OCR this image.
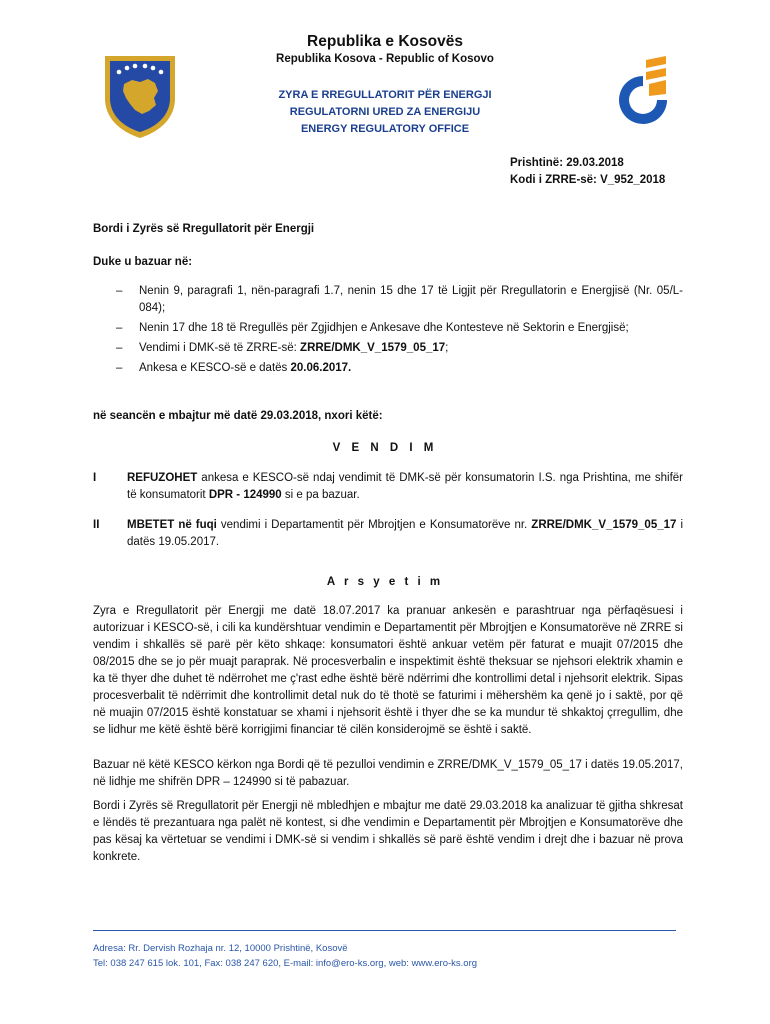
Republika e Kosovës
Republika Kosova - Republic of Kosovo
ZYRA E RREGULLATORIT PËR ENERGJI
REGULATORNI URED ZA ENERGIJU
ENERGY REGULATORY OFFICE
Prishtinë: 29.03.2018
Kodi i ZRRE-së: V_952_2018
Bordi i Zyrës së Rregullatorit për Energji
Duke u bazuar në:
– Nenin 9, paragrafi 1, nën-paragrafi 1.7, nenin 15 dhe 17 të Ligjit për Rregullatorin e Energjisë (Nr. 05/L-084);
– Nenin 17 dhe 18 të Rregullës për Zgjidhjen e Ankesave dhe Kontesteve në Sektorin e Energjisë;
– Vendimi i DMK-së të ZRRE-së: ZRRE/DMK_V_1579_05_17;
– Ankesa e KESCO-së e datës 20.06.2017.
në seancën e mbajtur më datë 29.03.2018, nxori këtë:
V E N D I M
I	REFUZOHET ankesa e KESCO-së ndaj vendimit të DMK-së për konsumatorin I.S. nga Prishtina, me shifër të konsumatorit DPR - 124990 si e pa bazuar.
II MBETET në fuqi vendimi i Departamentit për Mbrojtjen e Konsumatorëve nr. ZRRE/DMK_V_1579_05_17 i datës 19.05.2017.
A r s y e t i m
Zyra e Rregullatorit për Energji me datë 18.07.2017 ka pranuar ankesën e parashtruar nga përfaqësuesi i autorizuar i KESCO-së, i cili ka kundërshtuar vendimin e Departamentit për Mbrojtjen e Konsumatorëve në ZRRE si vendim i shkallës së parë për këto shkaqe: konsumatori është ankuar vetëm për faturat e muajit 07/2015 dhe 08/2015 dhe se jo për muajt paraprak. Në procesverbalin e inspektimit është theksuar se njehsori elektrik xhamin e ka të thyer dhe duhet të ndërrohet me ç'rast edhe është bërë ndërrimi dhe kontrollimi detal i njehsorit elektrik. Sipas procesverbalit të ndërrimit dhe kontrollimit detal nuk do të thotë se faturimi i mëhershëm ka qenë jo i saktë, por që në muajin 07/2015 është konstatuar se xhami i njehsorit është i thyer dhe se ka mundur të shkaktoj çrregullim, dhe se lidhur me këtë është bërë korrigjimi financiar të cilën konsiderojmë se është i saktë.
Bazuar në këtë KESCO kërkon nga Bordi që të pezulloi vendimin e ZRRE/DMK_V_1579_05_17 i datës 19.05.2017, në lidhje me shifrën DPR – 124990 si të pabazuar.
Bordi i Zyrës së Rregullatorit për Energji në mbledhjen e mbajtur me datë 29.03.2018 ka analizuar të gjitha shkresat e lëndës të prezantuara nga palët në kontest, si dhe vendimin e Departamentit për Mbrojtjen e Konsumatorëve dhe pas kësaj ka vërtetuar se vendimi i DMK-së si vendim i shkallës së parë është vendim i drejt dhe i bazuar në prova konkrete.
Adresa: Rr. Dervish Rozhaja nr. 12, 10000 Prishtinë, Kosovë
Tel: 038 247 615 lok. 101, Fax: 038 247 620, E-mail: info@ero-ks.org, web: www.ero-ks.org
